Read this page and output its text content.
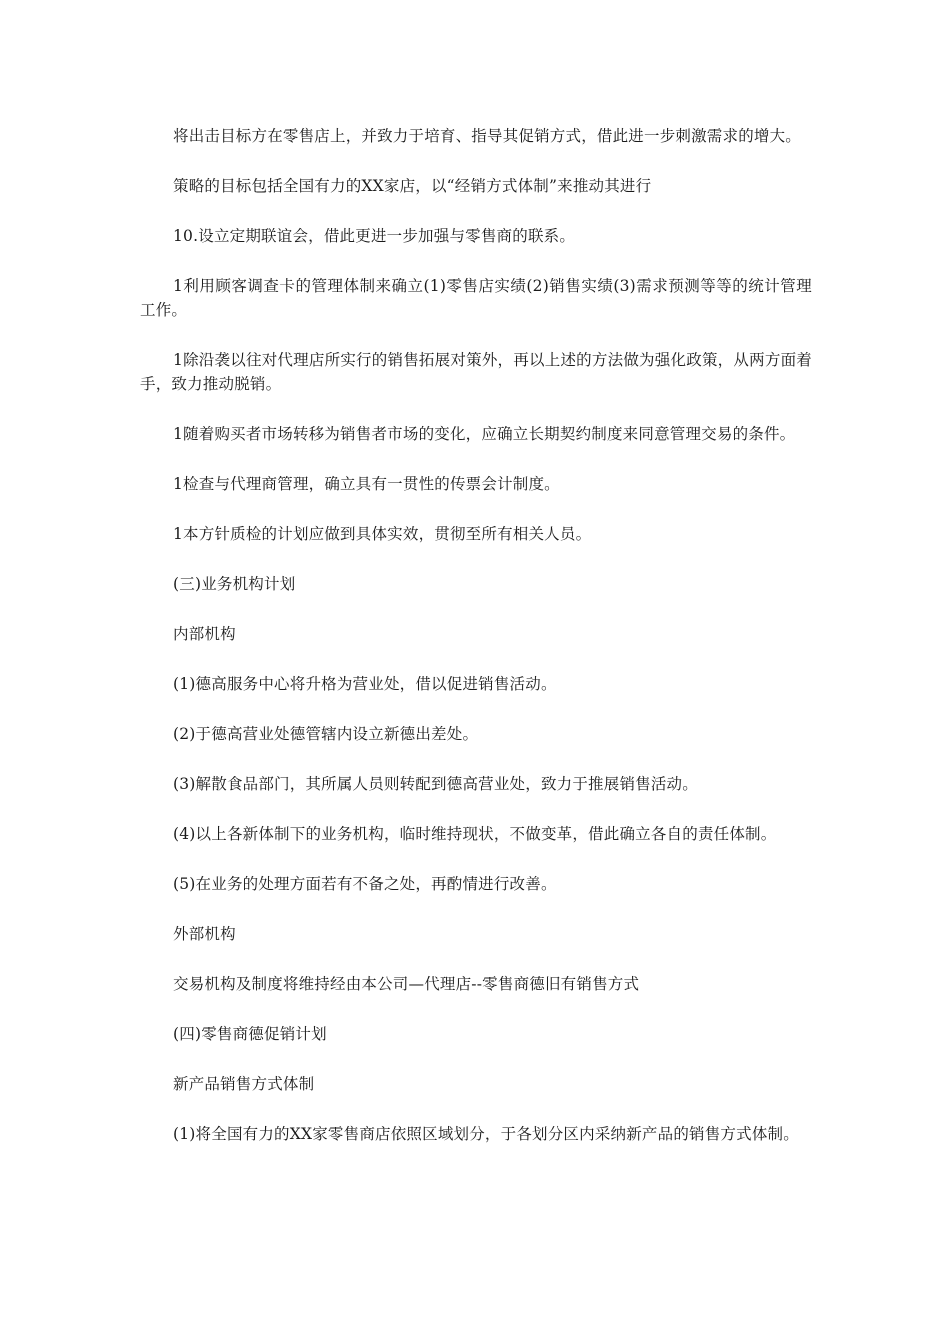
将出击目标方在零售店上，并致力于培育、指导其促销方式，借此进一步刺激需求的增大。

策略的目标包括全国有力的XX家店，以“经销方式体制”来推动其进行

10.设立定期联谊会，借此更进一步加强与零售商的联系。

1利用顾客调查卡的管理体制来确立(1)零售店实绩(2)销售实绩(3)需求预测等等的统计管理工作。

1除沿袭以往对代理店所实行的销售拓展对策外，再以上述的方法做为强化政策，从两方面着手，致力推动脱销。

1随着购买者市场转移为销售者市场的变化，应确立长期契约制度来同意管理交易的条件。

1检查与代理商管理，确立具有一贯性的传票会计制度。

1本方针质检的计划应做到具体实效，贯彻至所有相关人员。

(三)业务机构计划

内部机构

(1)德高服务中心将升格为营业处，借以促进销售活动。

(2)于德高营业处德管辖内设立新德出差处。

(3)解散食品部门，其所属人员则转配到德高营业处，致力于推展销售活动。

(4)以上各新体制下的业务机构，临时维持现状，不做变革，借此确立各自的责任体制。

(5)在业务的处理方面若有不备之处，再酌情进行改善。

外部机构

交易机构及制度将维持经由本公司—代理店--零售商德旧有销售方式

(四)零售商德促销计划

新产品销售方式体制

(1)将全国有力的XX家零售商店依照区域划分，于各划分区内采纳新产品的销售方式体制。
